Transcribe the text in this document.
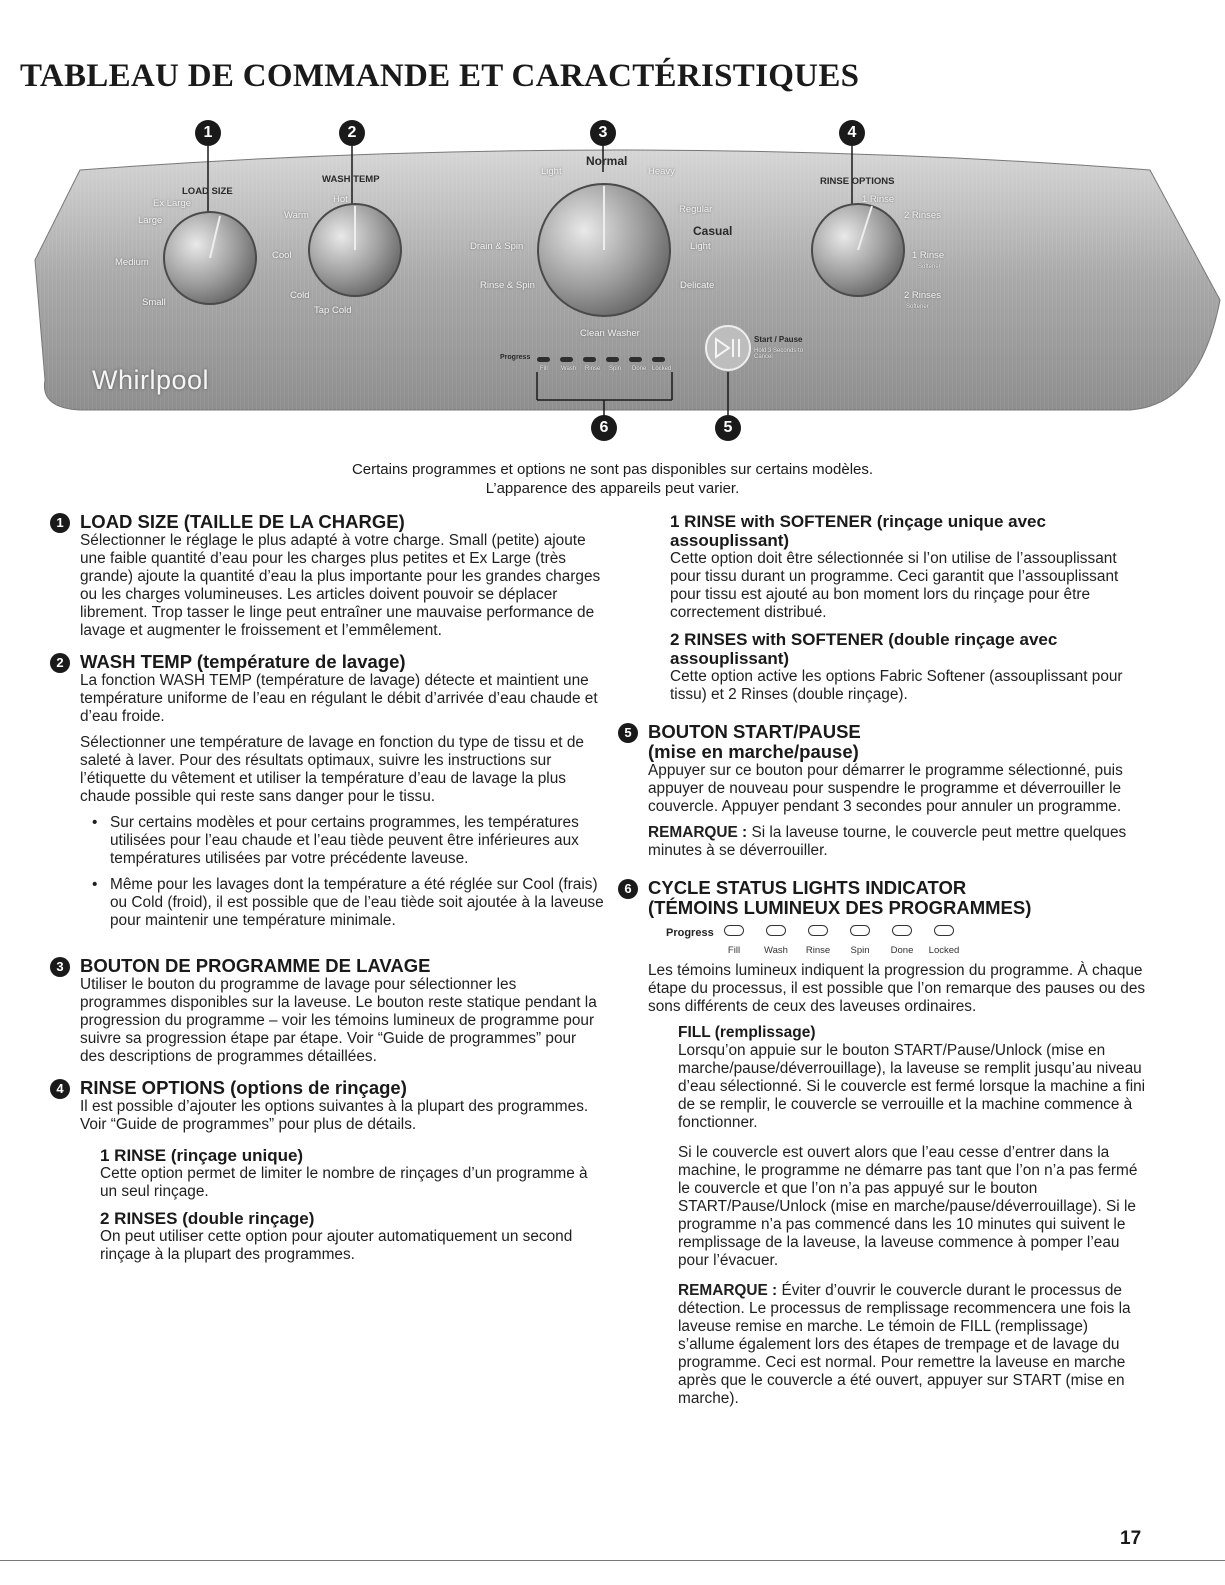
TABLEAU DE COMMANDE ET CARACTÉRISTIQUES
1	2	3	4
6	5
LOAD SIZE
Ex Large
Large
Medium
Small
WASH TEMP
Hot
Warm
Cool
Cold
Tap Cold
Normal
Light	Heavy
Regular
Casual
Light
Delicate
Drain & Spin
Rinse & Spin
Clean Washer
RINSE OPTIONS
1 Rinse
2 Rinses
1 Rinse
Softener
2 Rinses
Softener
Start / Pause
Hold 3 Seconds to Cancel
Progress
Fill Wash Rinse Spin Done Locked
Whirlpool
Certains programmes et options ne sont pas disponibles sur certains modèles.
L’apparence des appareils peut varier.
1 LOAD SIZE (TAILLE DE LA CHARGE)

Sélectionner le réglage le plus adapté à votre charge. Small (petite) ajoute une faible quantité d’eau pour les charges plus petites et Ex Large (très grande) ajoute la quantité d’eau la plus importante pour les grandes charges ou les charges volumineuses. Les articles doivent pouvoir se déplacer librement. Trop tasser le linge peut entraîner une mauvaise performance de lavage et augmenter le froissement et l’emmêlement.

2 WASH TEMP (température de lavage)

La fonction WASH TEMP (température de lavage) détecte et maintient une température uniforme de l’eau en régulant le débit d’arrivée d’eau chaude et d’eau froide.

Sélectionner une température de lavage en fonction du type de tissu et de saleté à laver. Pour des résultats optimaux, suivre les instructions sur l’étiquette du vêtement et utiliser la température d’eau de lavage la plus chaude possible qui reste sans danger pour le tissu.

• Sur certains modèles et pour certains programmes, les températures utilisées pour l’eau chaude et l’eau tiède peuvent être inférieures aux températures utilisées par votre précédente laveuse.
• Même pour les lavages dont la température a été réglée sur Cool (frais) ou Cold (froid), il est possible que de l’eau tiède soit ajoutée à la laveuse pour maintenir une température minimale.
3 BOUTON DE PROGRAMME DE LAVAGE

Utiliser le bouton du programme de lavage pour sélectionner les programmes disponibles sur la laveuse. Le bouton reste statique pendant la progression du programme – voir les témoins lumineux de programme pour suivre sa progression étape par étape. Voir “Guide de programmes” pour des descriptions de programmes détaillées.

4 RINSE OPTIONS (options de rinçage)

Il est possible d’ajouter les options suivantes à la plupart des programmes. Voir “Guide de programmes” pour plus de détails.

1 RINSE (rinçage unique)

Cette option permet de limiter le nombre de rinçages d’un programme à un seul rinçage.

2 RINSES (double rinçage)

On peut utiliser cette option pour ajouter automatiquement un second rinçage à la plupart des programmes.

1 RINSE with SOFTENER (rinçage unique avec assouplissant)

Cette option doit être sélectionnée si l’on utilise de l’assouplissant pour tissu durant un programme. Ceci garantit que l’assouplissant pour tissu est ajouté au bon moment lors du rinçage pour être correctement distribué.

2 RINSES with SOFTENER (double rinçage avec assouplissant)

Cette option active les options Fabric Softener (assouplissant pour tissu) et 2 Rinses (double rinçage).

5 BOUTON START/PAUSE
(mise en marche/pause)

Appuyer sur ce bouton pour démarrer le programme sélectionné, puis appuyer de nouveau pour suspendre le programme et déverrouiller le couvercle. Appuyer pendant 3 secondes pour annuler un programme.

REMARQUE : Si la laveuse tourne, le couvercle peut mettre quelques minutes à se déverrouiller.

6 CYCLE STATUS LIGHTS INDICATOR
(TÉMOINS LUMINEUX DES PROGRAMMES)
Progress
Fill	Wash	Rinse	Spin	Done	Locked

Les témoins lumineux indiquent la progression du programme. À chaque étape du processus, il est possible que l’on remarque des pauses ou des sons différents de ceux des laveuses ordinaires.

FILL (remplissage)

Lorsqu’on appuie sur le bouton START/Pause/Unlock (mise en marche/pause/déverrouillage), la laveuse se remplit jusqu’au niveau d’eau sélectionné. Si le couvercle est fermé lorsque la machine a fini de se remplir, le couvercle se verrouille et la machine commence à fonctionner.

Si le couvercle est ouvert alors que l’eau cesse d’entrer dans la machine, le programme ne démarre pas tant que l’on n’a pas fermé le couvercle et que l’on n’a pas appuyé sur le bouton START/Pause/Unlock (mise en marche/pause/déverrouillage). Si le programme n’a pas commencé dans les 10 minutes qui suivent le remplissage de la laveuse, la laveuse commence à pomper l’eau pour l’évacuer.

REMARQUE : Éviter d’ouvrir le couvercle durant le processus de détection. Le processus de remplissage recommencera une fois la laveuse remise en marche. Le témoin de FILL (remplissage) s’allume également lors des étapes de trempage et de lavage du programme. Ceci est normal. Pour remettre la laveuse en marche après que le couvercle a été ouvert, appuyer sur START (mise en marche).

17
